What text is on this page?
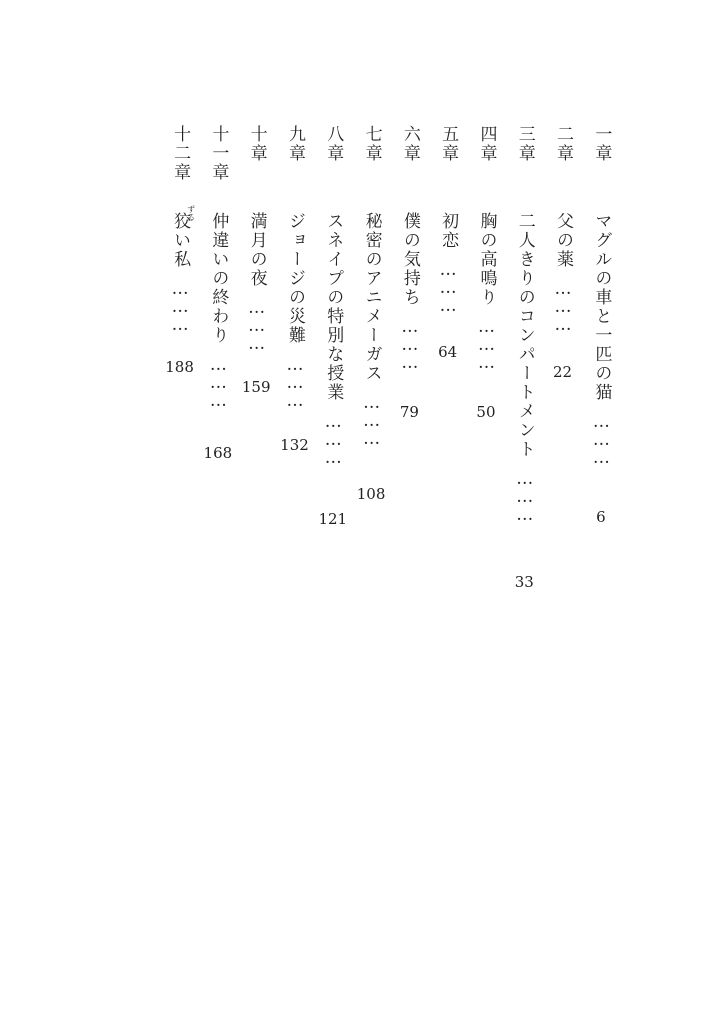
一章
マグルの車と一匹の猫………
6
二章
父の薬………
22
三章
二人きりのコンパートメント………
33
四章
胸の高鳴り………
50
五章
初恋………
64
六章
僕の気持ち………
79
七章
秘密のアニメーガス………
108
八章
スネイプの特別な授業………
121
九章
ジョージの災難………
132
十章
満月の夜………
159
十一章
仲違いの終わり………
168
十二章
ずる
狡い私………
188
